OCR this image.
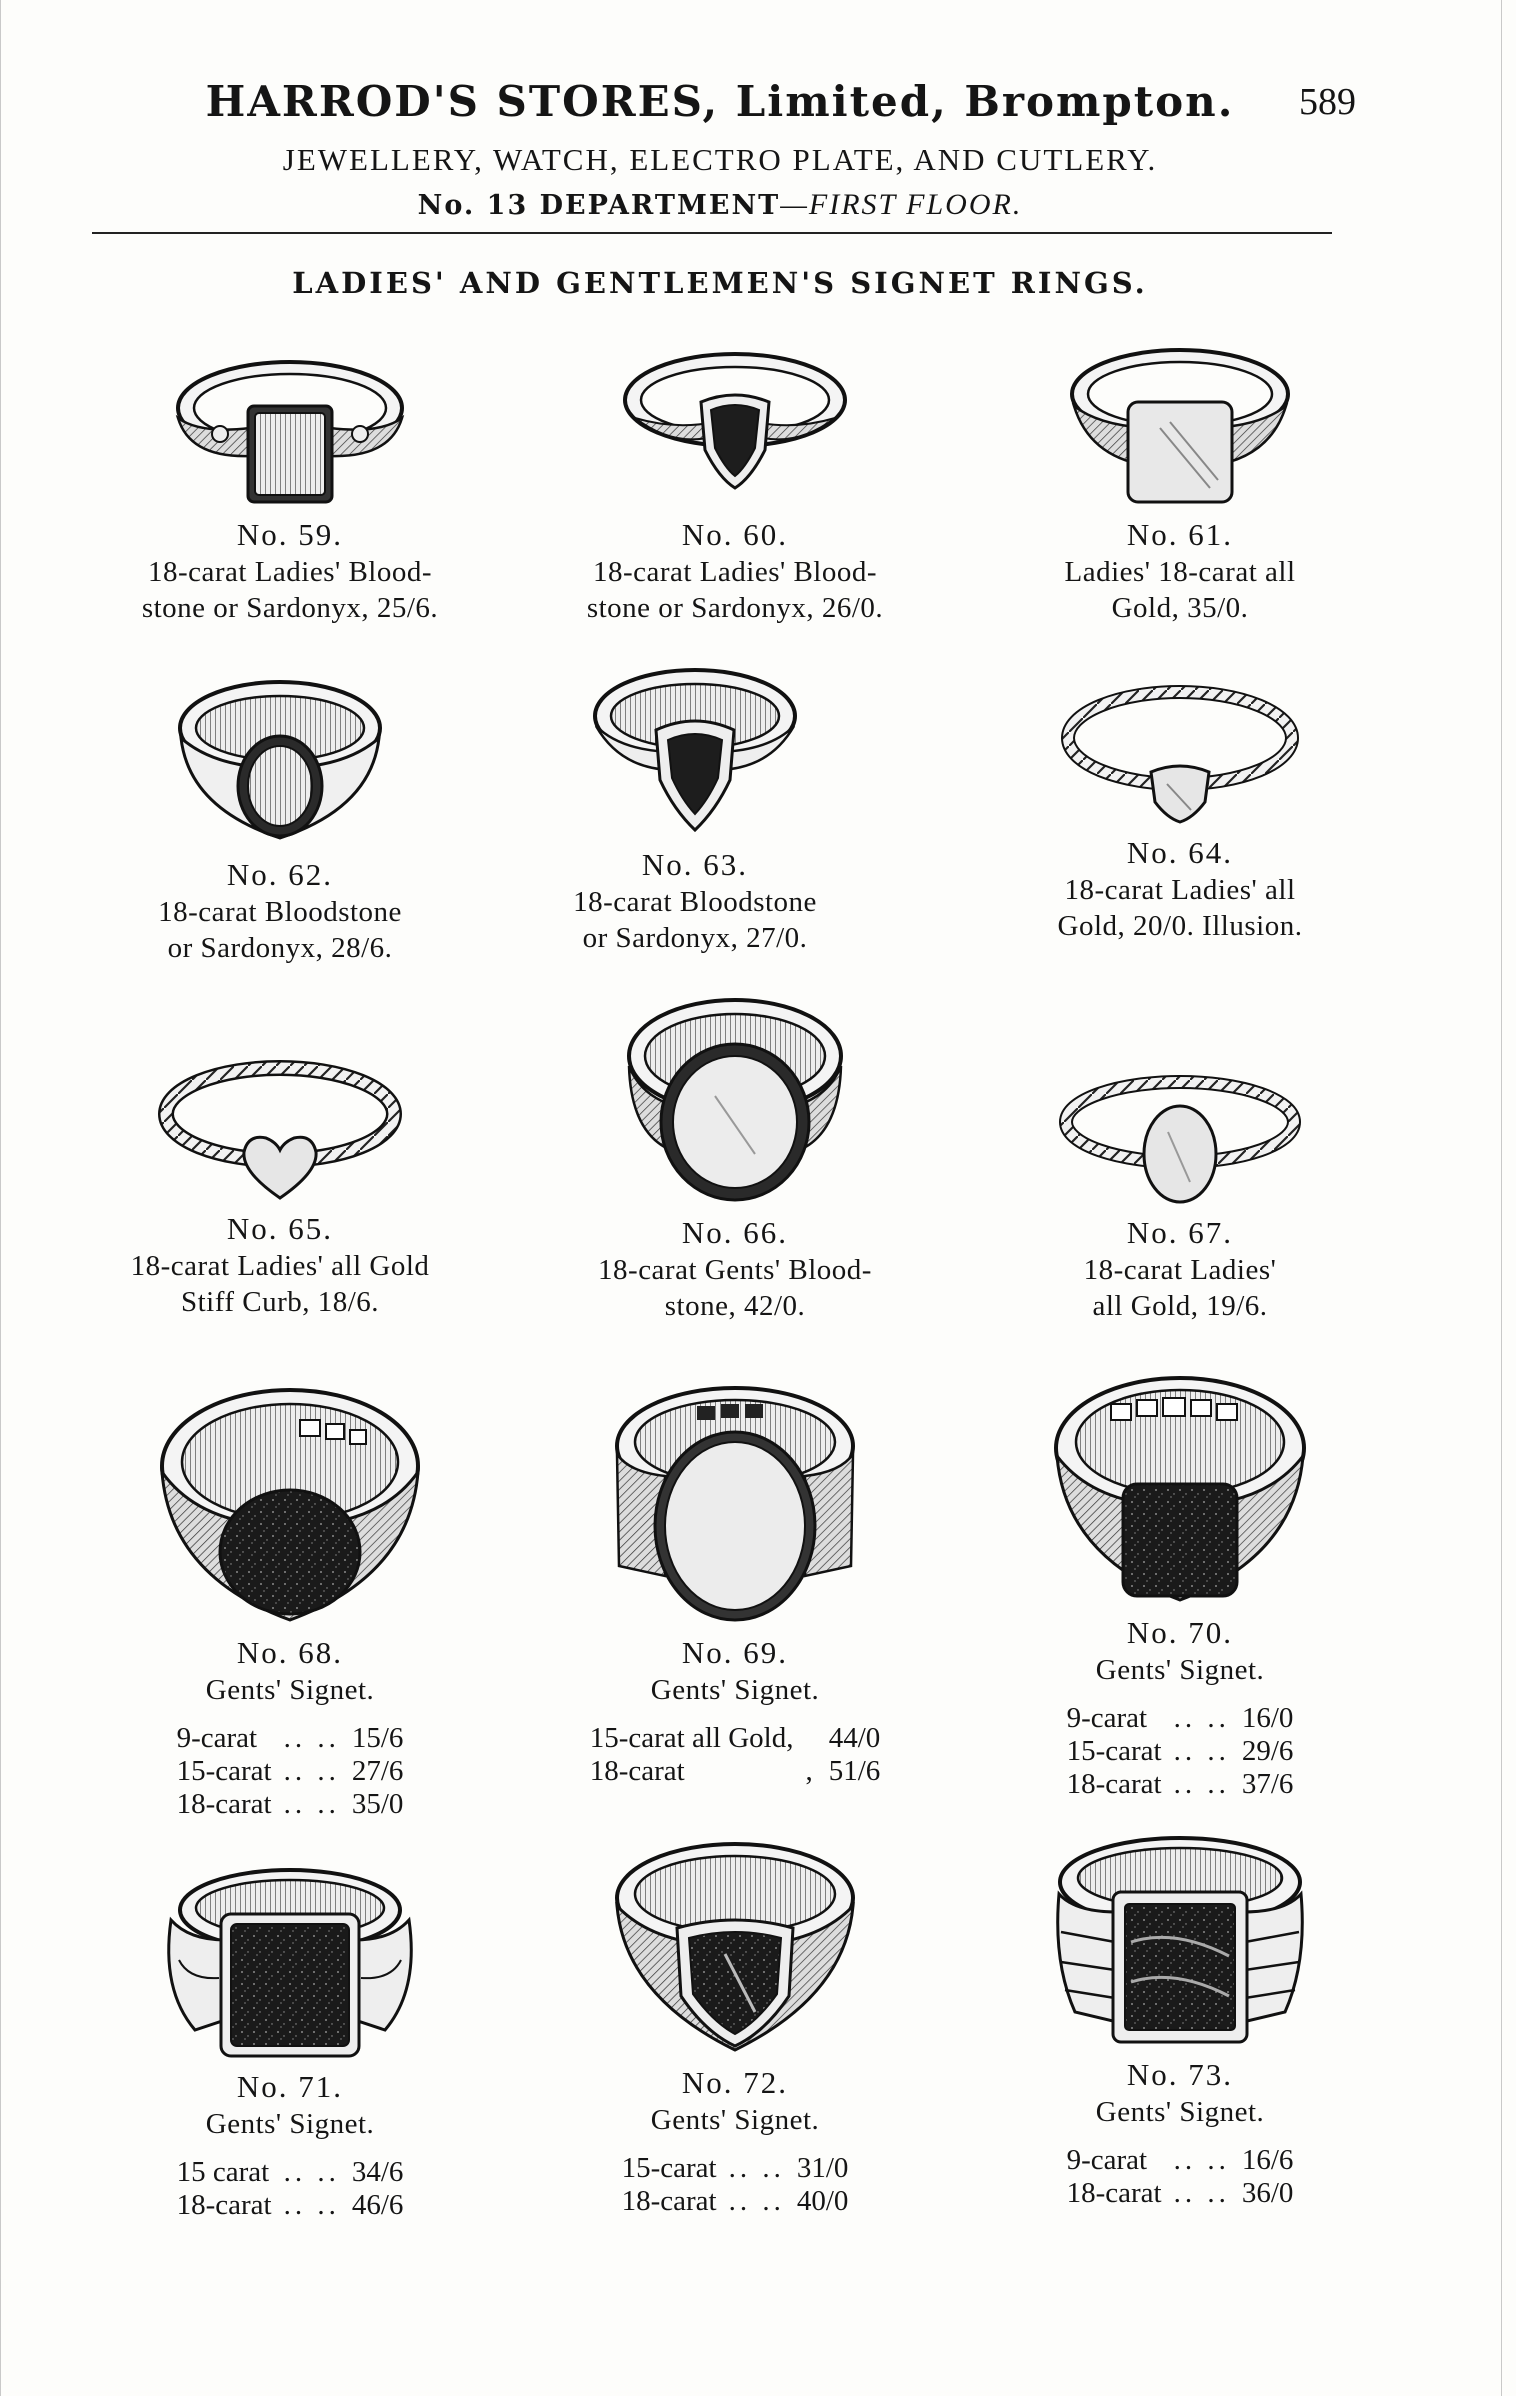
HARROD'S STORES, Limited, Brompton. 589
JEWELLERY, WATCH, ELECTRO PLATE, AND CUTLERY.
No. 13 DEPARTMENT—FIRST FLOOR.
LADIES' AND GENTLEMEN'S SIGNET RINGS.
No. 59.
18-carat Ladies' Blood-
stone or Sardonyx, 25/6.
No. 60.
18-carat Ladies' Blood-
stone or Sardonyx, 26/0.
No. 61.
Ladies' 18-carat all
Gold, 35/0.
No. 62.
18-carat Bloodstone
or Sardonyx, 28/6.
No. 63.
18-carat Bloodstone
or Sardonyx, 27/0.
No. 64.
18-carat Ladies' all
Gold, 20/0. Illusion.
No. 65.
18-carat Ladies' all Gold
Stiff Curb, 18/6.
No. 66.
18-carat Gents' Blood-
stone, 42/0.
No. 67.
18-carat Ladies'
all Gold, 19/6.
No. 68.
Gents' Signet.
9-carat	.. ..	15/6
15-carat	.. ..	27/6
18-carat	.. ..	35/0
No. 69.
Gents' Signet.
15-carat all Gold,		44/0
18-carat	,	51/6
No. 70.
Gents' Signet.
9-carat	.. ..	16/0
15-carat	.. ..	29/6
18-carat	.. ..	37/6
No. 71.
Gents' Signet.
15 carat	.. ..	34/6
18-carat	.. ..	46/6
No. 72.
Gents' Signet.
15-carat	.. ..	31/0
18-carat	.. ..	40/0
No. 73.
Gents' Signet.
9-carat	.. ..	16/6
18-carat	.. ..	36/0
